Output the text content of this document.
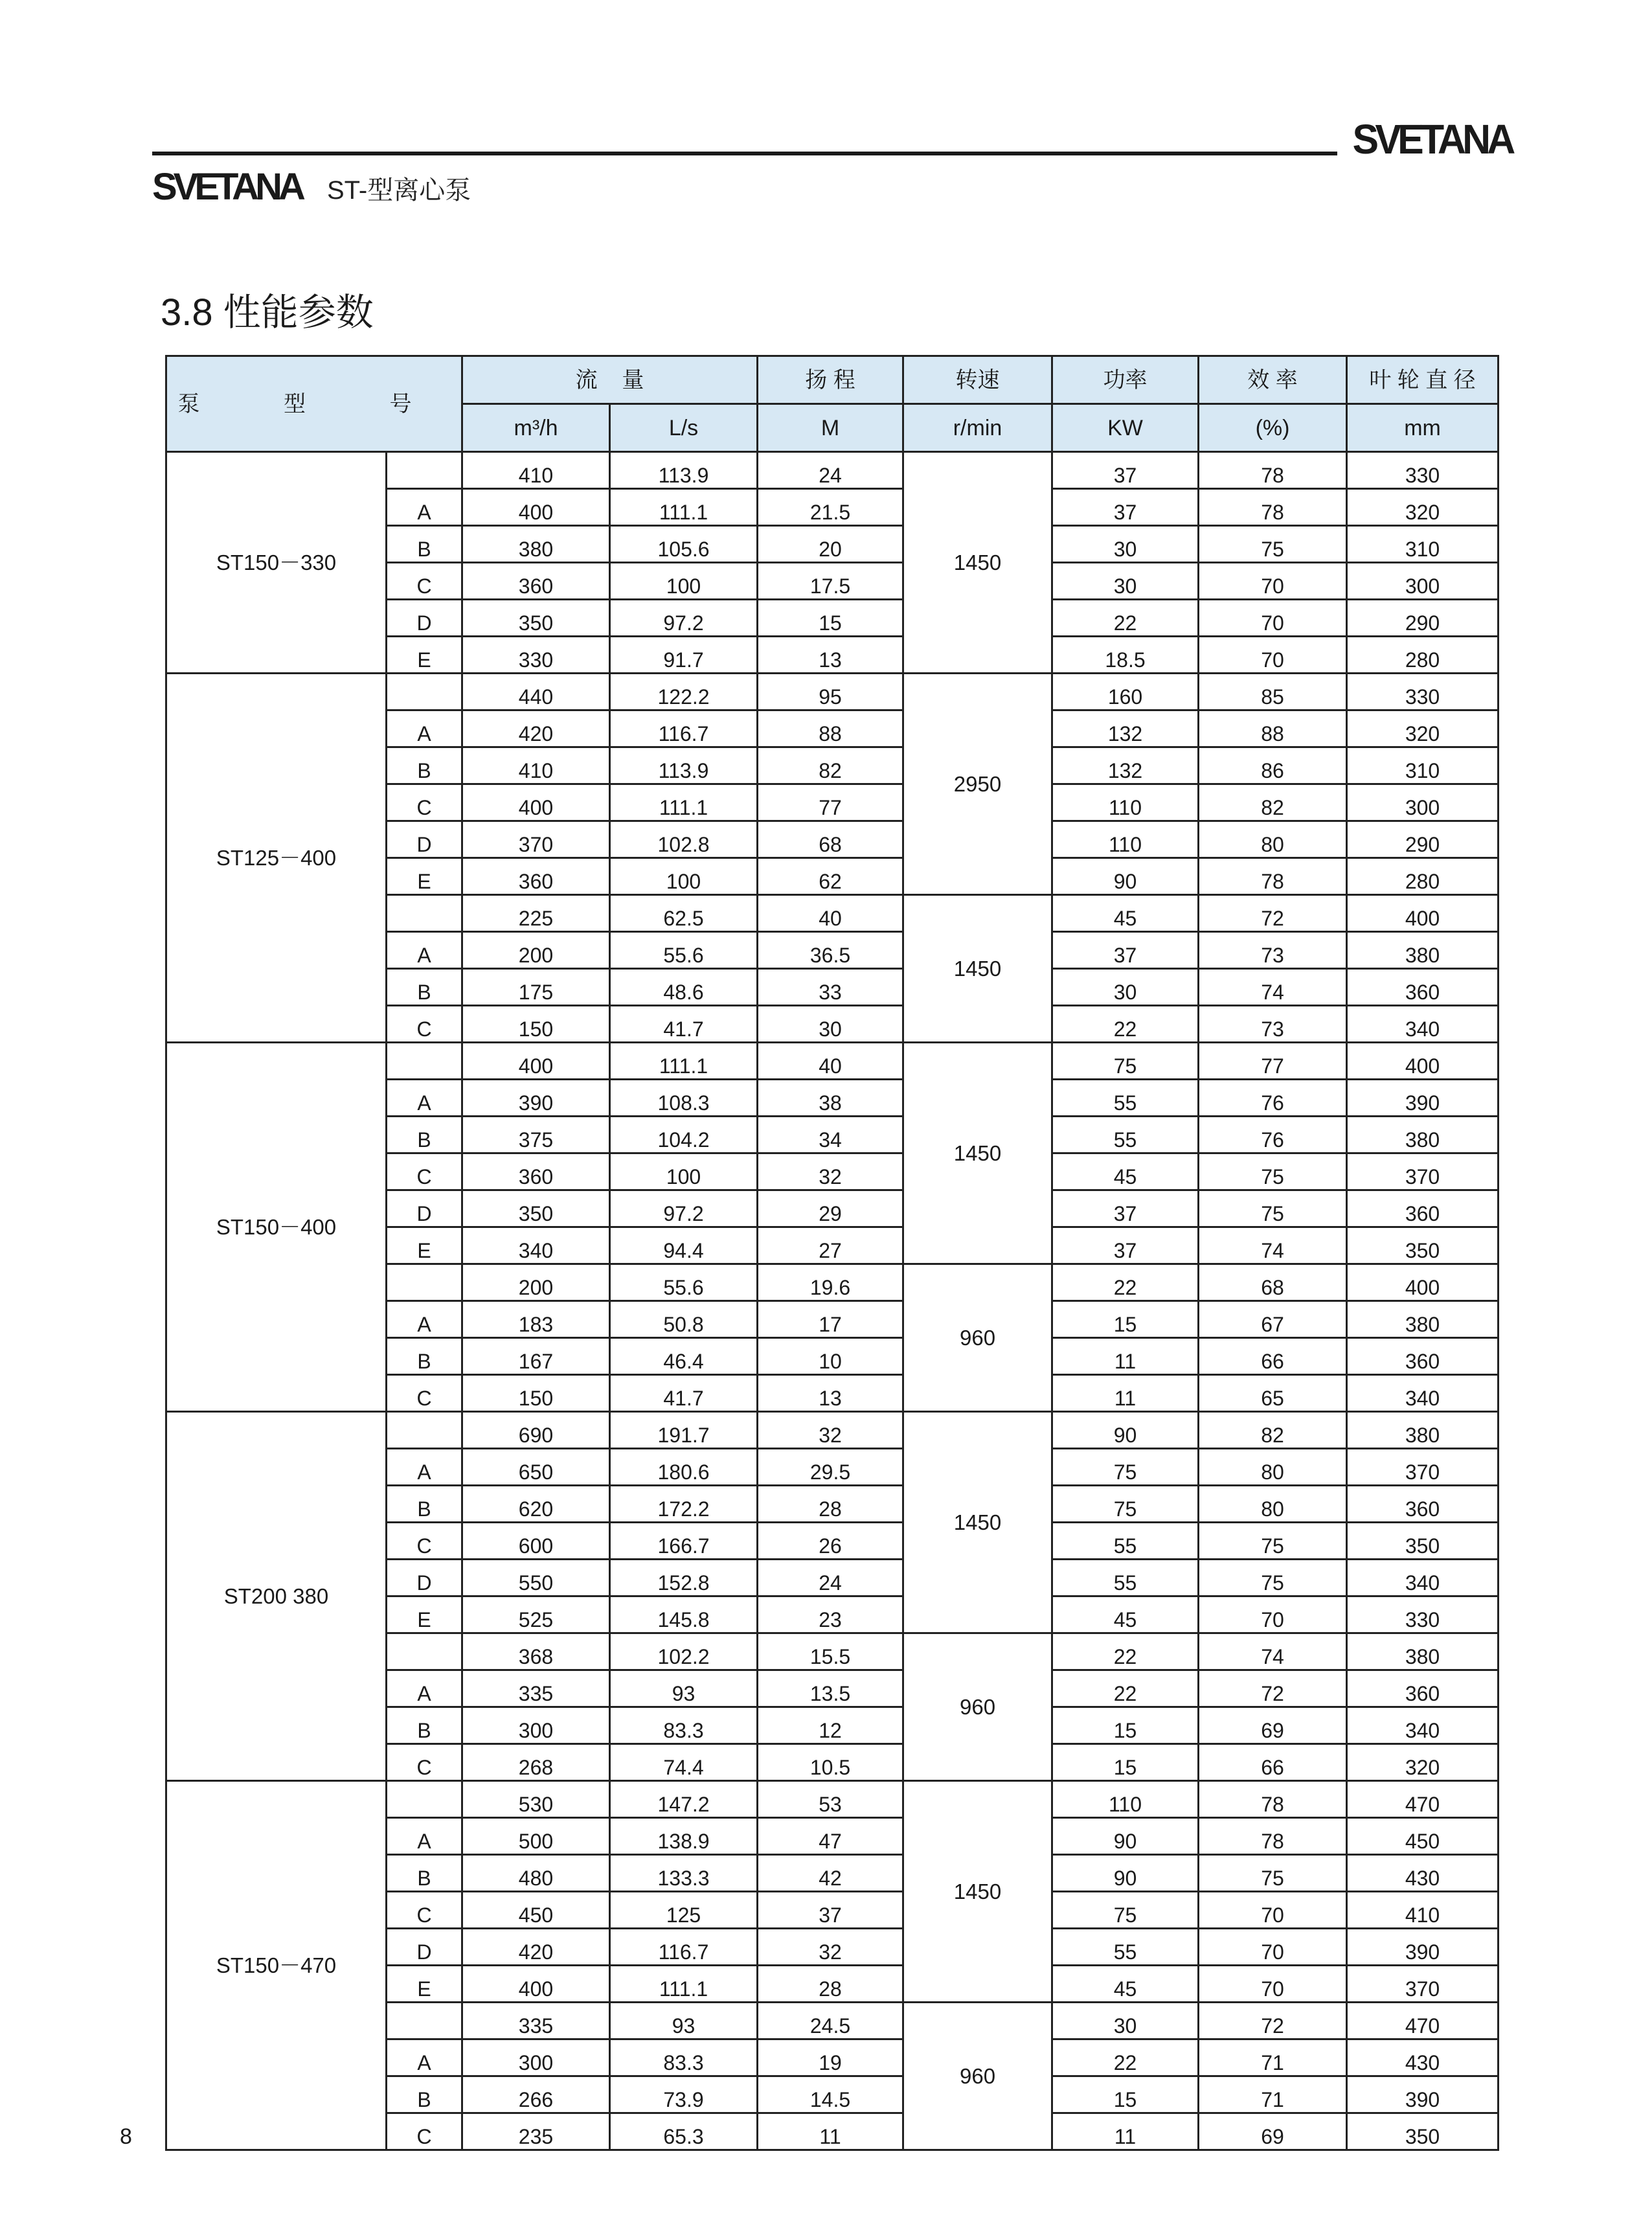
SVETANA
SVETANA ST-型离心泵
3.8 性能参数
泵 型 号		流    量		扬 程	转速	功率	效 率	叶 轮 直 径
		m³/h	L/s	M	r/min	KW	(%)	mm
ST150－330		410	113.9	24	1450	37	78	330
	A	400	111.1	21.5		37	78	320
	B	380	105.6	20		30	75	310
	C	360	100	17.5		30	70	300
	D	350	97.2	15		22	70	290
	E	330	91.7	13		18.5	70	280
ST125－400		440	122.2	95	2950	160	85	330
	A	420	116.7	88		132	88	320
	B	410	113.9	82		132	86	310
	C	400	111.1	77		110	82	300
	D	370	102.8	68		110	80	290
	E	360	100	62		90	78	280
		225	62.5	40	1450	45	72	400
	A	200	55.6	36.5		37	73	380
	B	175	48.6	33		30	74	360
	C	150	41.7	30		22	73	340
ST150－400		400	111.1	40	1450	75	77	400
	A	390	108.3	38		55	76	390
	B	375	104.2	34		55	76	380
	C	360	100	32		45	75	370
	D	350	97.2	29		37	75	360
	E	340	94.4	27		37	74	350
		200	55.6	19.6	960	22	68	400
	A	183	50.8	17		15	67	380
	B	167	46.4	10		11	66	360
	C	150	41.7	13		11	65	340
ST200 380		690	191.7	32	1450	90	82	380
	A	650	180.6	29.5		75	80	370
	B	620	172.2	28		75	80	360
	C	600	166.7	26		55	75	350
	D	550	152.8	24		55	75	340
	E	525	145.8	23		45	70	330
		368	102.2	15.5	960	22	74	380
	A	335	93	13.5		22	72	360
	B	300	83.3	12		15	69	340
	C	268	74.4	10.5		15	66	320
ST150－470		530	147.2	53	1450	110	78	470
	A	500	138.9	47		90	78	450
	B	480	133.3	42		90	75	430
	C	450	125	37		75	70	410
	D	420	116.7	32		55	70	390
	E	400	111.1	28		45	70	370
		335	93	24.5	960	30	72	470
	A	300	83.3	19		22	71	430
	B	266	73.9	14.5		15	71	390
	C	235	65.3	11		11	69	350
8
